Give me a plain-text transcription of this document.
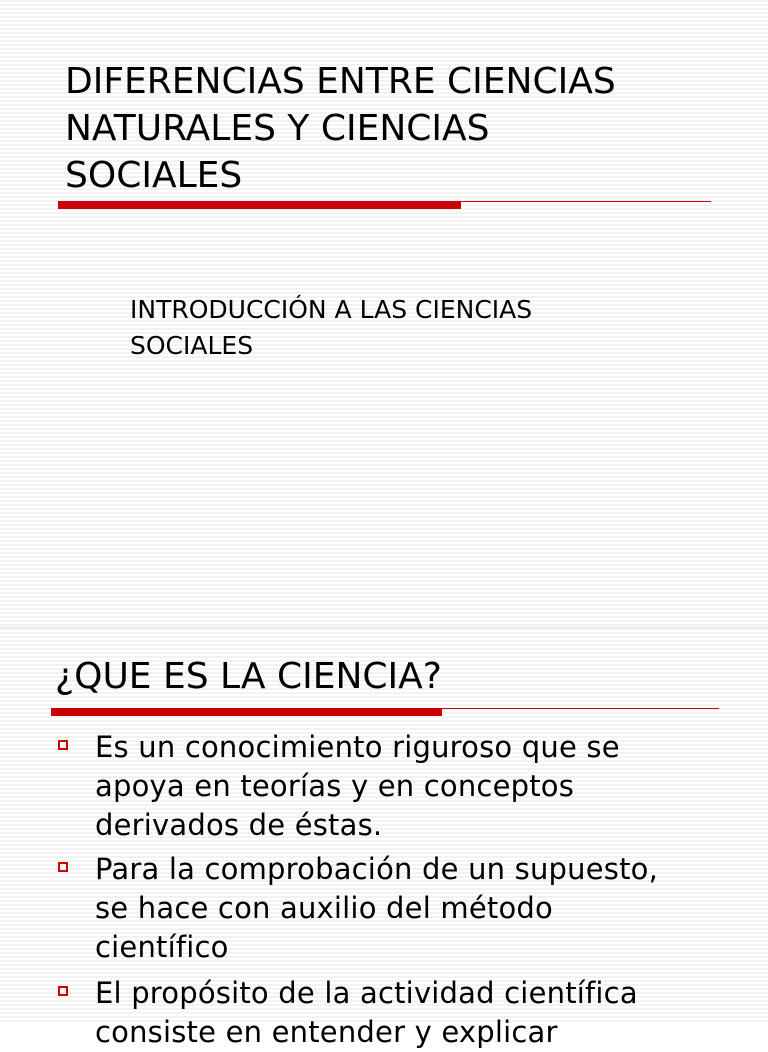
DIFERENCIAS ENTRE CIENCIAS
NATURALES Y CIENCIAS
SOCIALES

INTRODUCCIÓN A LAS CIENCIAS
SOCIALES

¿QUE ES LA CIENCIA?
Es un conocimiento riguroso que se
apoya en teorías y en conceptos
derivados de éstas.
Para la comprobación de un supuesto,
se hace con auxilio del método
científico
El propósito de la actividad científica
consiste en entender y explicar
